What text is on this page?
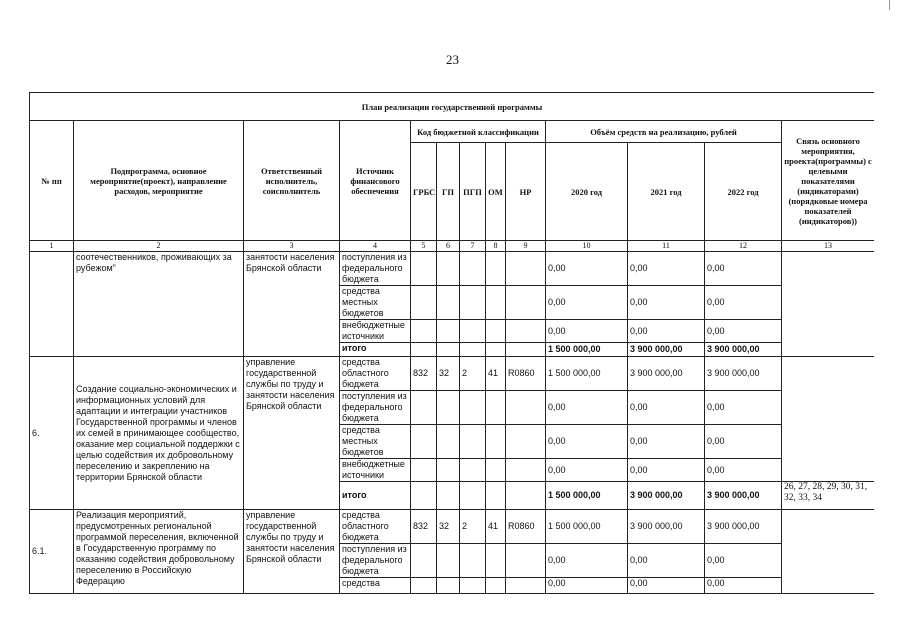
23
План реализации государственной программы												
№ пп	Подпрограмма, основное мероприятие(проект), направление расходов, мероприятие	Ответственный исполнитель, соисполнитель	Источник финансового обеспечения	Код бюджетной классификации					Объём средств на реализацию, рублей			Связь основного мероприятия, проекта(программы) с целевыми показателями (индикаторами) (порядковые номера показателей (индикаторов))
				ГРБС	ГП	ПГП	ОМ	НР	2020 год	2021 год	2022 год	
1	2	3	4	5	6	7	8	9	10	11	12	13
	соотечественников, проживающих за рубежом"	занятости населения Брянской области	поступления из федерального бюджета						0,00	0,00	0,00	
			средства местных бюджетов						0,00	0,00	0,00	
			внебюджетные источники						0,00	0,00	0,00	
			итого						1 500 000,00	3 900 000,00	3 900 000,00	
6.	Создание социально-экономических и информационных условий для адаптации и интеграции участников Государственной программы и членов их семей в принимающее сообщество, оказание мер социальной поддержки с целью содействия их добровольному переселению и закреплению на территории Брянской области	управление государственной службы по труду и занятости населения Брянской области	средства областного бюджета	832	32	2	41	R0860	1 500 000,00	3 900 000,00	3 900 000,00	
			поступления из федерального бюджета						0,00	0,00	0,00	
			средства местных бюджетов						0,00	0,00	0,00	
			внебюджетные источники						0,00	0,00	0,00	
			итого						1 500 000,00	3 900 000,00	3 900 000,00	26, 27, 28, 29, 30, 31, 32, 33, 34
6.1.	Реализация мероприятий, предусмотренных региональной программой переселения, включенной в Государственную программу по оказанию содействия добровольному переселению в Российскую Федерацию	управление государственной службы по труду и занятости населения Брянской области	средства областного бюджета	832	32	2	41	R0860	1 500 000,00	3 900 000,00	3 900 000,00	
			поступления из федерального бюджета						0,00	0,00	0,00	
			средства						0,00	0,00	0,00	
